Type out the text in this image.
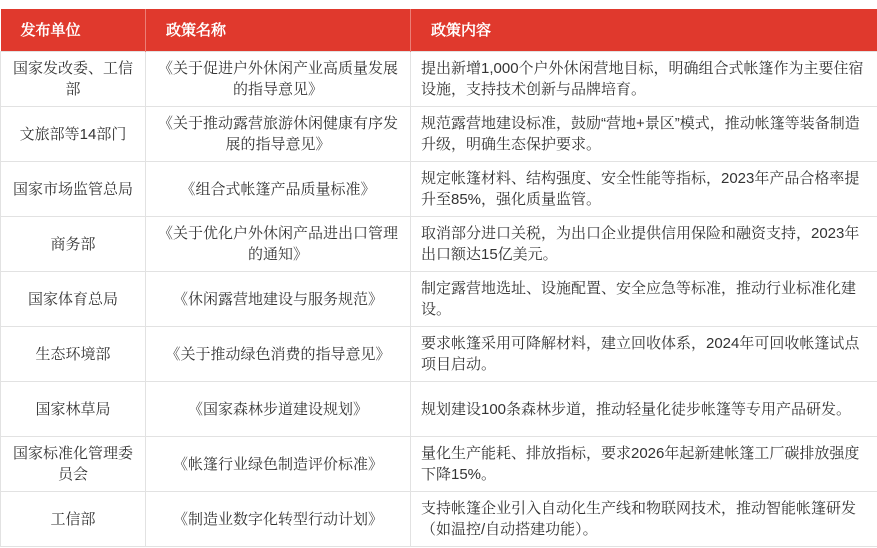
发布单位	政策名称	政策内容
国家发改委、工信部	《关于促进户外休闲产业高质量发展的指导意见》	提出新增1,000个户外休闲营地目标，明确组合式帐篷作为主要住宿设施，支持技术创新与品牌培育。
文旅部等14部门	《关于推动露营旅游休闲健康有序发展的指导意见》	规范露营地建设标准，鼓励“营地+景区”模式，推动帐篷等装备制造升级，明确生态保护要求。
国家市场监管总局	《组合式帐篷产品质量标准》	规定帐篷材料、结构强度、安全性能等指标，2023年产品合格率提升至85%，强化质量监管。
商务部	《关于优化户外休闲产品进出口管理的通知》	取消部分进口关税，为出口企业提供信用保险和融资支持，2023年出口额达15亿美元。
国家体育总局	《休闲露营地建设与服务规范》	制定露营地选址、设施配置、安全应急等标准，推动行业标准化建设。
生态环境部	《关于推动绿色消费的指导意见》	要求帐篷采用可降解材料，建立回收体系，2024年可回收帐篷试点项目启动。
国家林草局	《国家森林步道建设规划》	规划建设100条森林步道，推动轻量化徒步帐篷等专用产品研发。
国家标准化管理委员会	《帐篷行业绿色制造评价标准》	量化生产能耗、排放指标，要求2026年起新建帐篷工厂碳排放强度下降15%。
工信部	《制造业数字化转型行动计划》	支持帐篷企业引入自动化生产线和物联网技术，推动智能帐篷研发（如温控/自动搭建功能）。
